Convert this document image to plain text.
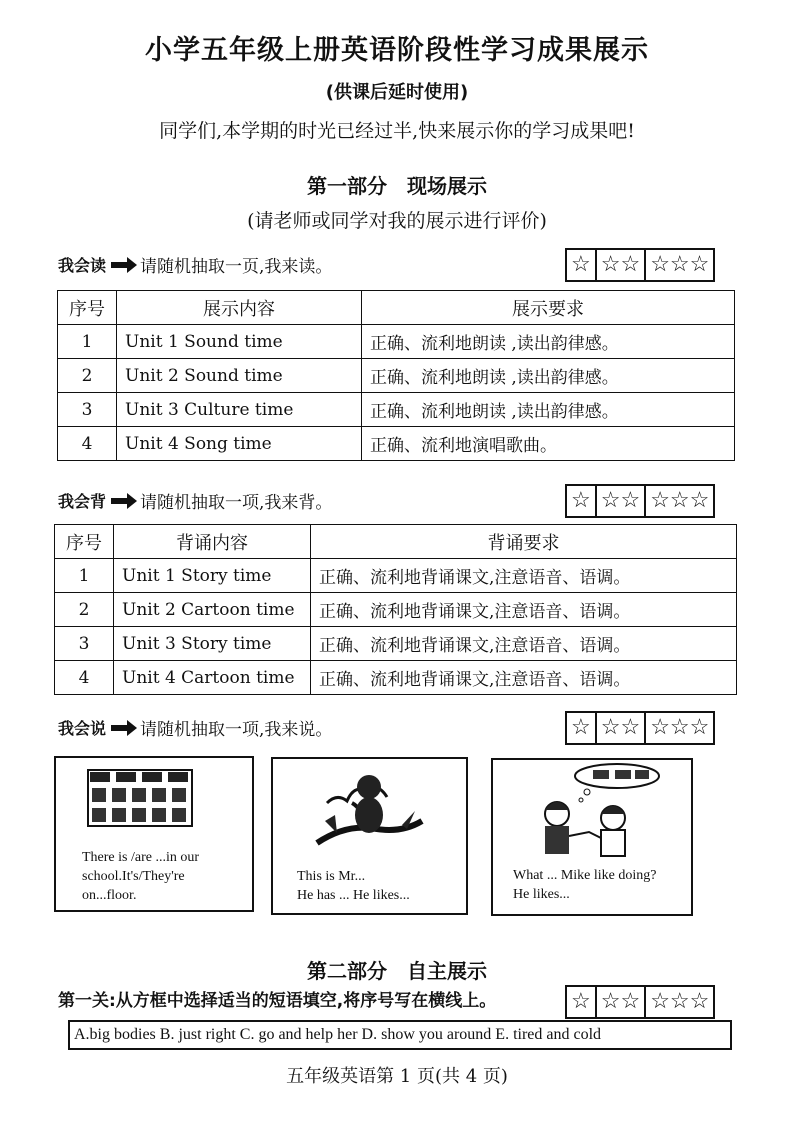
小学五年级上册英语阶段性学习成果展示
(供课后延时使用)
同学们,本学期的时光已经过半,快来展示你的学习成果吧!
第一部分　现场展示
(请老师或同学对我的展示进行评价)
我会读 请随机抽取一页,我来读。	☆ ☆☆ ☆☆☆
序号	展示内容	展示要求
1	Unit 1 Sound time	正确、流利地朗读 ,读出韵律感。
2	Unit 2 Sound time	正确、流利地朗读 ,读出韵律感。
3	Unit 3 Culture time	正确、流利地朗读 ,读出韵律感。
4	Unit 4 Song time	正确、流利地演唱歌曲。
我会背 请随机抽取一项,我来背。	☆ ☆☆ ☆☆☆
序号	背诵内容	背诵要求
1	Unit 1 Story time	正确、流利地背诵课文,注意语音、语调。
2	Unit 2 Cartoon time	正确、流利地背诵课文,注意语音、语调。
3	Unit 3 Story time	正确、流利地背诵课文,注意语音、语调。
4	Unit 4 Cartoon time	正确、流利地背诵课文,注意语音、语调。
我会说 请随机抽取一项,我来说。	☆ ☆☆ ☆☆☆
There is /are ...in our
school.It's/They're
on...floor.
This is Mr...
He has ... He likes...
What ... Mike like doing?
He likes...
第二部分　自主展示
第一关:从方框中选择适当的短语填空,将序号写在横线上。	☆ ☆☆ ☆☆☆
A.big bodies B. just right C. go and help her D. show you around E. tired and cold
五年级英语第 1 页(共 4 页)
